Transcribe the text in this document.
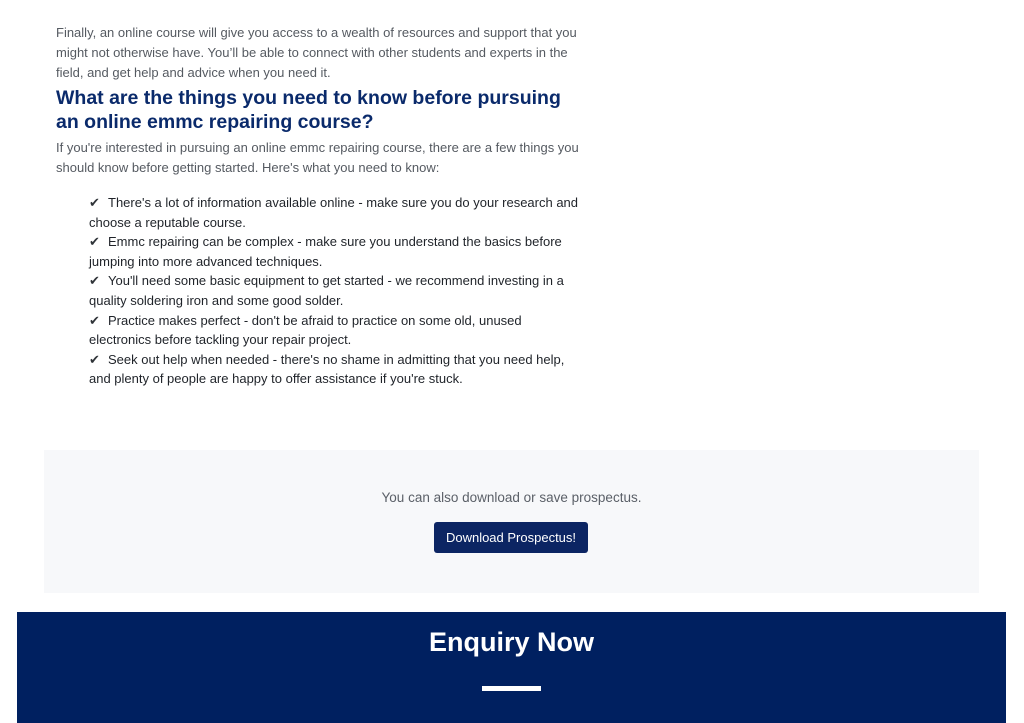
Finally, an online course will give you access to a wealth of resources and support that you might not otherwise have. You’ll be able to connect with other students and experts in the field, and get help and advice when you need it.

What are the things you need to know before pursuing an online emmc repairing course?

If you're interested in pursuing an online emmc repairing course, there are a few things you should know before getting started. Here's what you need to know:

✔ There's a lot of information available online - make sure you do your research and choose a reputable course.
✔ Emmc repairing can be complex - make sure you understand the basics before jumping into more advanced techniques.
✔ You'll need some basic equipment to get started - we recommend investing in a quality soldering iron and some good solder.
✔ Practice makes perfect - don't be afraid to practice on some old, unused electronics before tackling your repair project.
✔ Seek out help when needed - there's no shame in admitting that you need help, and plenty of people are happy to offer assistance if you're stuck.
You can also download or save prospectus.
Download Prospectus!
Enquiry Now
